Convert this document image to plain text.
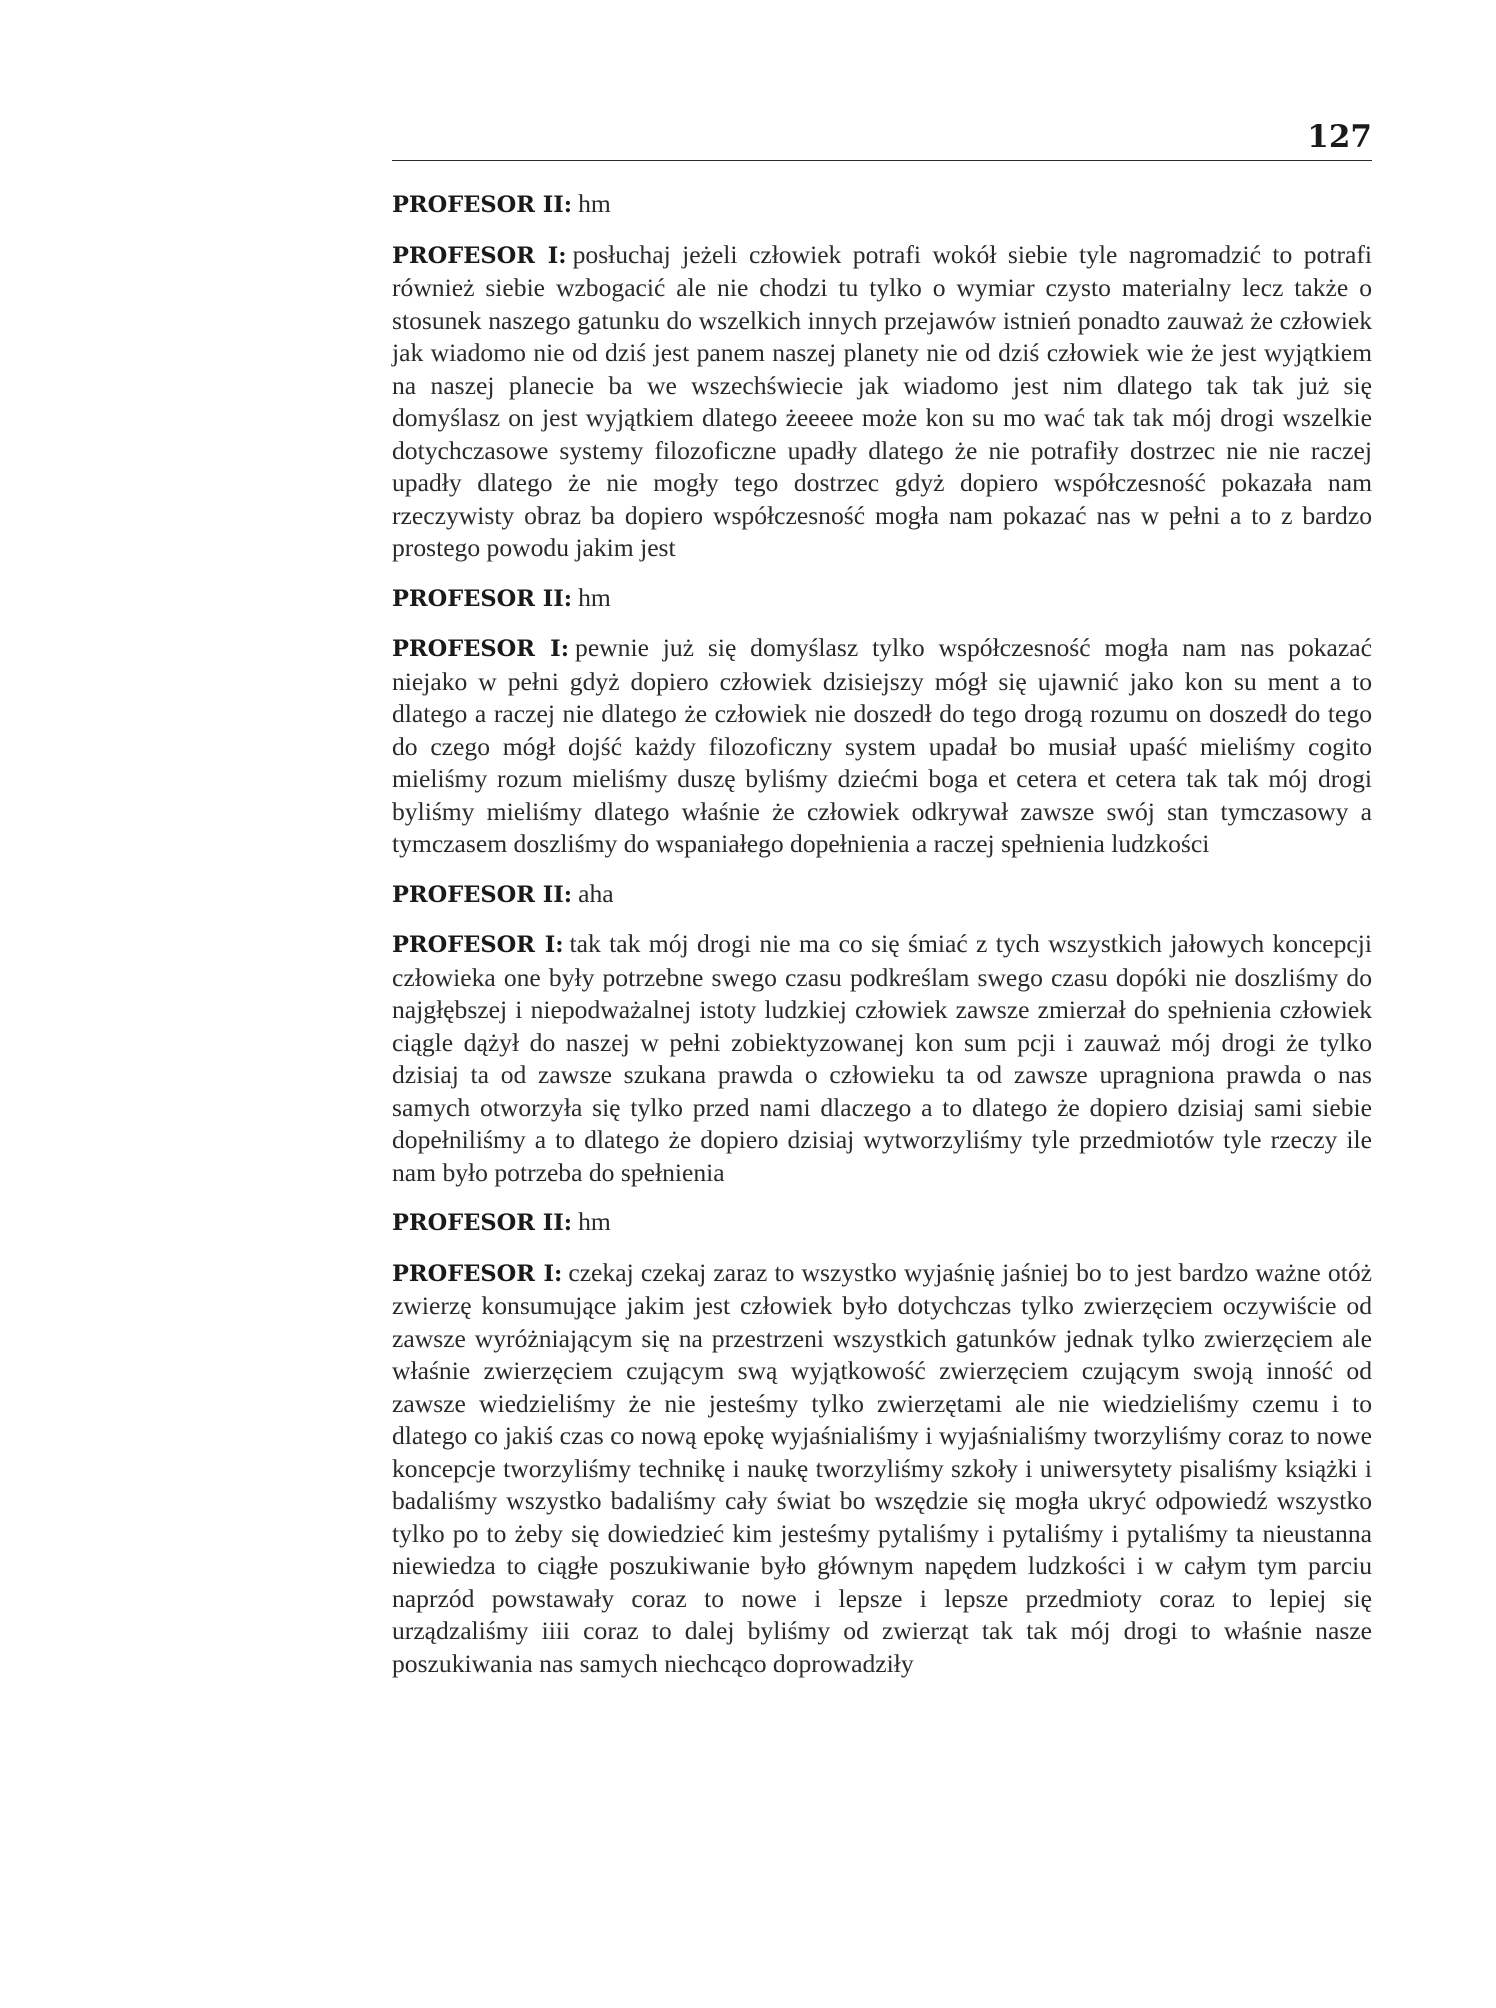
127

PROFESOR II: hm

PROFESOR I: posłuchaj jeżeli człowiek potrafi wokół siebie tyle nagromadzić to potrafi również siebie wzbogacić ale nie chodzi tu tylko o wymiar czysto materialny lecz także o stosunek naszego gatunku do wszelkich innych przejawów istnień ponadto zauważ że człowiek jak wiadomo nie od dziś jest panem naszej planety nie od dziś człowiek wie że jest wyjątkiem na naszej planecie ba we wszechświecie jak wiadomo jest nim dlatego tak tak już się domyślasz on jest wyjątkiem dlatego żeeeee może kon su mo wać tak tak mój drogi wszelkie dotychczasowe systemy filozoficzne upadły dlatego że nie potrafiły dostrzec nie nie raczej upadły dlatego że nie mogły tego dostrzec gdyż dopiero współczesność pokazała nam rzeczywisty obraz ba dopiero współczesność mogła nam pokazać nas w pełni a to z bardzo prostego powodu jakim jest

PROFESOR II: hm

PROFESOR I: pewnie już się domyślasz tylko współczesność mogła nam nas pokazać niejako w pełni gdyż dopiero człowiek dzisiejszy mógł się ujawnić jako kon su ment a to dlatego a raczej nie dlatego że człowiek nie doszedł do tego drogą rozumu on doszedł do tego do czego mógł dojść każdy filozoficzny system upadał bo musiał upaść mieliśmy cogito mieliśmy rozum mieliśmy duszę byliśmy dziećmi boga et cetera et cetera tak tak mój drogi byliśmy mieliśmy dlatego właśnie że człowiek odkrywał zawsze swój stan tymczasowy a tymczasem doszliśmy do wspaniałego dopełnienia a raczej spełnienia ludzkości

PROFESOR II: aha

PROFESOR I: tak tak mój drogi nie ma co się śmiać z tych wszystkich jałowych koncepcji człowieka one były potrzebne swego czasu podkreślam swego czasu dopóki nie doszliśmy do najgłębszej i niepodważalnej istoty ludzkiej człowiek zawsze zmierzał do spełnienia człowiek ciągle dążył do naszej w pełni zobiektyzowanej kon sum pcji i zauważ mój drogi że tylko dzisiaj ta od zawsze szukana prawda o człowieku ta od zawsze upragniona prawda o nas samych otworzyła się tylko przed nami dlaczego a to dlatego że dopiero dzisiaj sami siebie dopełniliśmy a to dlatego że dopiero dzisiaj wytworzyliśmy tyle przedmiotów tyle rzeczy ile nam było potrzeba do spełnienia

PROFESOR II: hm

PROFESOR I: czekaj czekaj zaraz to wszystko wyjaśnię jaśniej bo to jest bardzo ważne otóż zwierzę konsumujące jakim jest człowiek było dotychczas tylko zwierzęciem oczywiście od zawsze wyróżniającym się na przestrzeni wszystkich gatunków jednak tylko zwierzęciem ale właśnie zwierzęciem czującym swą wyjątkowość zwierzęciem czującym swoją inność od zawsze wiedzieliśmy że nie jesteśmy tylko zwierzętami ale nie wiedzieliśmy czemu i to dlatego co jakiś czas co nową epokę wyjaśnialiśmy i wyjaśnialiśmy tworzyliśmy coraz to nowe koncepcje tworzyliśmy technikę i naukę tworzyliśmy szkoły i uniwersytety pisaliśmy książki i badaliśmy wszystko badaliśmy cały świat bo wszędzie się mogła ukryć odpowiedź wszystko tylko po to żeby się dowiedzieć kim jesteśmy pytaliśmy i pytaliśmy i pytaliśmy ta nieustanna niewiedza to ciągłe poszukiwanie było głównym napędem ludzkości i w całym tym parciu naprzód powstawały coraz to nowe i lepsze i lepsze przedmioty coraz to lepiej się urządzaliśmy iiii coraz to dalej byliśmy od zwierząt tak tak mój drogi to właśnie nasze poszukiwania nas samych niechcąco doprowadziły
